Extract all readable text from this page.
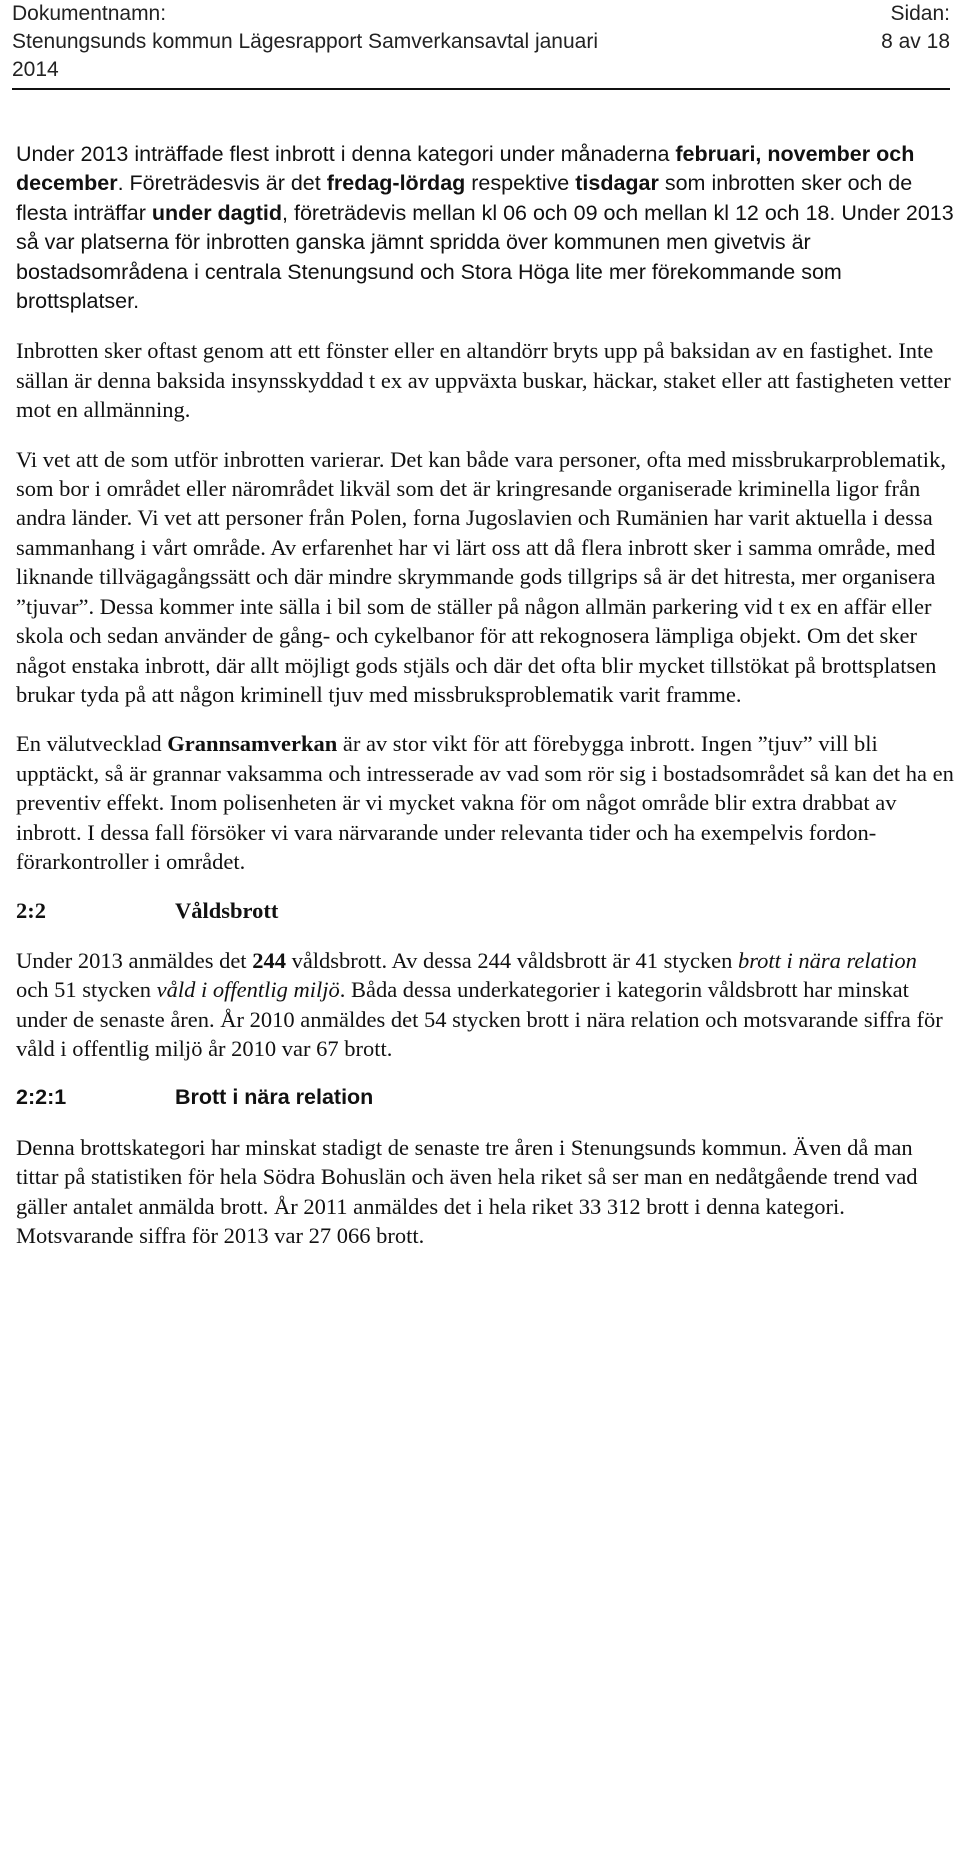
Dokumentnamn:	Sidan:
Stenungsunds kommun Lägesrapport Samverkansavtal januari	8 av 18
2014

Under 2013 inträffade flest inbrott i denna kategori under månaderna februari, november och december. Företrädesvis är det fredag-lördag respektive tisdagar som inbrotten sker och de flesta inträffar under dagtid, företrädevis mellan kl 06 och 09 och mellan kl 12 och 18. Under 2013 så var platserna för inbrotten ganska jämnt spridda över kommunen men givetvis är bostadsområdena i centrala Stenungsund och Stora Höga lite mer förekommande som brottsplatser.

Inbrotten sker oftast genom att ett fönster eller en altandörr bryts upp på baksidan av en fastighet. Inte sällan är denna baksida insynsskyddad t ex av uppväxta buskar, häckar, staket eller att fastigheten vetter mot en allmänning.

Vi vet att de som utför inbrotten varierar. Det kan både vara personer, ofta med missbrukarproblematik, som bor i området eller närområdet likväl som det är kringresande organiserade kriminella ligor från andra länder. Vi vet att personer från Polen, forna Jugoslavien och Rumänien har varit aktuella i dessa sammanhang i vårt område. Av erfarenhet har vi lärt oss att då flera inbrott sker i samma område, med liknande tillvägagångssätt och där mindre skrymmande gods tillgrips så är det hitresta, mer organisera ”tjuvar”. Dessa kommer inte sälla i bil som de ställer på någon allmän parkering vid t ex en affär eller skola och sedan använder de gång- och cykelbanor för att rekognosera lämpliga objekt. Om det sker något enstaka inbrott, där allt möjligt gods stjäls och där det ofta blir mycket tillstökat på brottsplatsen brukar tyda på att någon kriminell tjuv med missbruksproblematik varit framme.

En välutvecklad Grannsamverkan är av stor vikt för att förebygga inbrott. Ingen ”tjuv” vill bli upptäckt, så är grannar vaksamma och intresserade av vad som rör sig i bostadsområdet så kan det ha en preventiv effekt. Inom polisenheten är vi mycket vakna för om något område blir extra drabbat av inbrott. I dessa fall försöker vi vara närvarande under relevanta tider och ha exempelvis fordon-förarkontroller i området.

2:2	Våldsbrott

Under 2013 anmäldes det 244 våldsbrott. Av dessa 244 våldsbrott är 41 stycken brott i nära relation och 51 stycken våld i offentlig miljö. Båda dessa underkategorier i kategorin våldsbrott har minskat under de senaste åren. År 2010 anmäldes det 54 stycken brott i nära relation och motsvarande siffra för våld i offentlig miljö år 2010 var 67 brott.

2:2:1	Brott i nära relation

Denna brottskategori har minskat stadigt de senaste tre åren i Stenungsunds kommun. Även då man tittar på statistiken för hela Södra Bohuslän och även hela riket så ser man en nedåtgående trend vad gäller antalet anmälda brott. År 2011 anmäldes det i hela riket 33 312 brott i denna kategori. Motsvarande siffra för 2013 var 27 066 brott.
